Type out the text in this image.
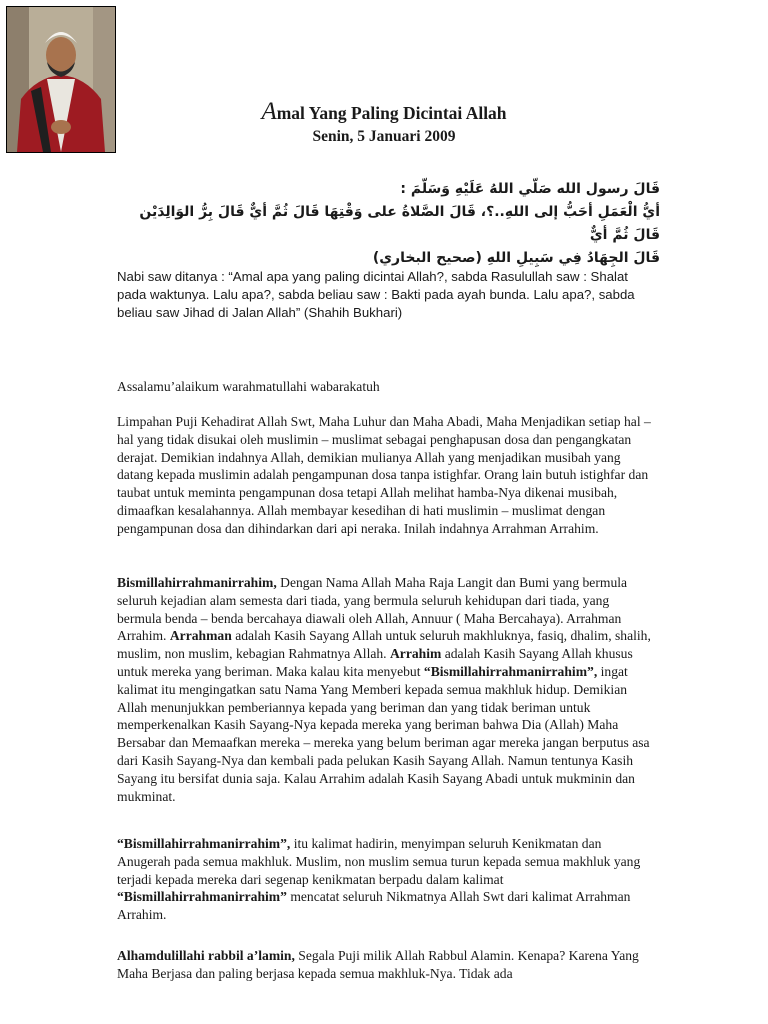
Amal Yang Paling Dicintai Allah
Senin, 5 Januari 2009
قَالَ رسول الله صَلّي اللهُ عَلَيْهِ وَسَلّمَ :
أيُّ الْعَمَلِ أحَبُّ إلى اللهِ..؟، قَالَ الصَّلاةُ على وَقْتِهَا قَالَ ثُمَّ أيٌّ قَالَ بِرُّ الوَالِدَيْن قَالَ ثُمَّ أيٌّ
قَالَ الجِهَادُ فِي سَبِيلِ اللهِ (صحيح البخاري)

Nabi saw ditanya : “Amal apa yang paling dicintai Allah?, sabda Rasulullah saw : Shalat pada waktunya. Lalu apa?, sabda beliau saw : Bakti pada ayah bunda. Lalu apa?, sabda beliau saw Jihad di Jalan Allah” (Shahih Bukhari)

Assalamu’alaikum warahmatullahi wabarakatuh

Limpahan Puji Kehadirat Allah Swt, Maha Luhur dan Maha Abadi, Maha Menjadikan setiap hal – hal yang tidak disukai oleh muslimin – muslimat sebagai penghapusan dosa dan pengangkatan derajat. Demikian indahnya Allah, demikian mulianya Allah yang menjadikan musibah yang datang kepada muslimin adalah pengampunan dosa tanpa istighfar. Orang lain butuh istighfar dan taubat untuk meminta pengampunan dosa tetapi Allah melihat hamba-Nya dikenai musibah, dimaafkan kesalahannya. Allah membayar kesedihan di hati muslimin – muslimat dengan pengampunan dosa dan dihindarkan dari api neraka. Inilah indahnya Arrahman Arrahim.

Bismillahirrahmanirrahim, Dengan Nama Allah Maha Raja Langit dan Bumi yang bermula seluruh kejadian alam semesta dari tiada, yang bermula seluruh kehidupan dari tiada, yang bermula benda – benda bercahaya diawali oleh Allah, Annuur ( Maha Bercahaya). Arrahman Arrahim. Arrahman adalah Kasih Sayang Allah untuk seluruh makhluknya, fasiq, dhalim, shalih, muslim, non muslim, kebagian Rahmatnya Allah. Arrahim adalah Kasih Sayang Allah khusus untuk mereka yang beriman. Maka kalau kita menyebut “Bismillahirrahmanirrahim”, ingat kalimat itu mengingatkan satu Nama Yang Memberi kepada semua makhluk hidup. Demikian Allah menunjukkan pemberiannya kepada yang beriman dan yang tidak beriman untuk memperkenalkan Kasih Sayang-Nya kepada mereka yang beriman bahwa Dia (Allah) Maha Bersabar dan Memaafkan mereka – mereka yang belum beriman agar mereka jangan berputus asa dari Kasih Sayang-Nya dan kembali pada pelukan Kasih Sayang Allah. Namun tentunya Kasih Sayang itu bersifat dunia saja. Kalau Arrahim adalah Kasih Sayang Abadi untuk mukminin dan mukminat.

“Bismillahirrahmanirrahim”, itu kalimat hadirin, menyimpan seluruh Kenikmatan dan Anugerah pada semua makhluk. Muslim, non muslim semua turun kepada semua makhluk yang terjadi kepada mereka dari segenap kenikmatan berpadu dalam kalimat “Bismillahirrahmanirrahim” mencatat seluruh Nikmatnya Allah Swt dari kalimat Arrahman Arrahim.

Alhamdulillahi rabbil a’lamin, Segala Puji milik Allah Rabbul Alamin. Kenapa? Karena Yang Maha Berjasa dan paling berjasa kepada semua makhluk-Nya. Tidak ada
